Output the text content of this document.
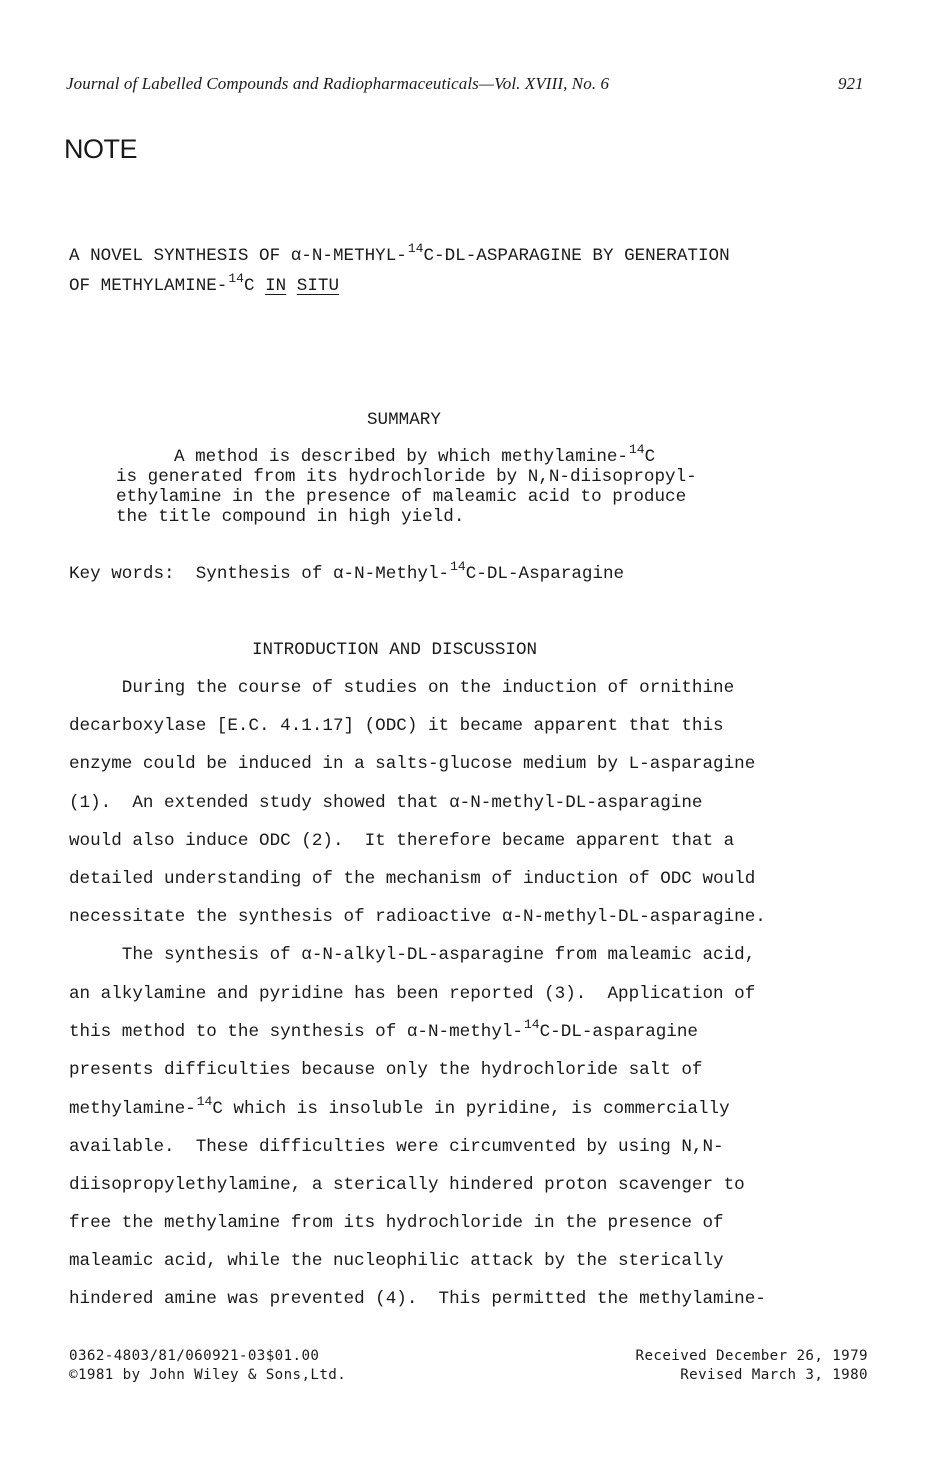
Journal of Labelled Compounds and Radiopharmaceuticals—Vol. XVIII, No. 6	921
NOTE
A NOVEL SYNTHESIS OF α-N-METHYL-$^{14}$C-DL-ASPARAGINE BY GENERATION
OF METHYLAMINE-$^{14}$C IN SITU
SUMMARY
A method is described by which methylamine-$^{14}$C
is generated from its hydrochloride by N,N-diisopropyl-
ethylamine in the presence of maleamic acid to produce
the title compound in high yield.
Key words: Synthesis of α-N-Methyl-$^{14}$C-DL-Asparagine
INTRODUCTION AND DISCUSSION
During the course of studies on the induction of ornithine
decarboxylase [E.C. 4.1.17] (ODC) it became apparent that this
enzyme could be induced in a salts-glucose medium by L-asparagine
(1).  An extended study showed that α-N-methyl-DL-asparagine
would also induce ODC (2).  It therefore became apparent that a
detailed understanding of the mechanism of induction of ODC would
necessitate the synthesis of radioactive α-N-methyl-DL-asparagine.
The synthesis of α-N-alkyl-DL-asparagine from maleamic acid,
an alkylamine and pyridine has been reported (3).  Application of
this method to the synthesis of α-N-methyl-$^{14}$C-DL-asparagine
presents difficulties because only the hydrochloride salt of
methylamine-$^{14}$C which is insoluble in pyridine, is commercially
available.  These difficulties were circumvented by using N,N-
diisopropylethylamine, a sterically hindered proton scavenger to
free the methylamine from its hydrochloride in the presence of
maleamic acid, while the nucleophilic attack by the sterically
hindered amine was prevented (4).  This permitted the methylamine-
0362-4803/81/060921-03$01.00
©1981 by John Wiley & Sons,Ltd.
Received December 26, 1979
Revised March 3, 1980
